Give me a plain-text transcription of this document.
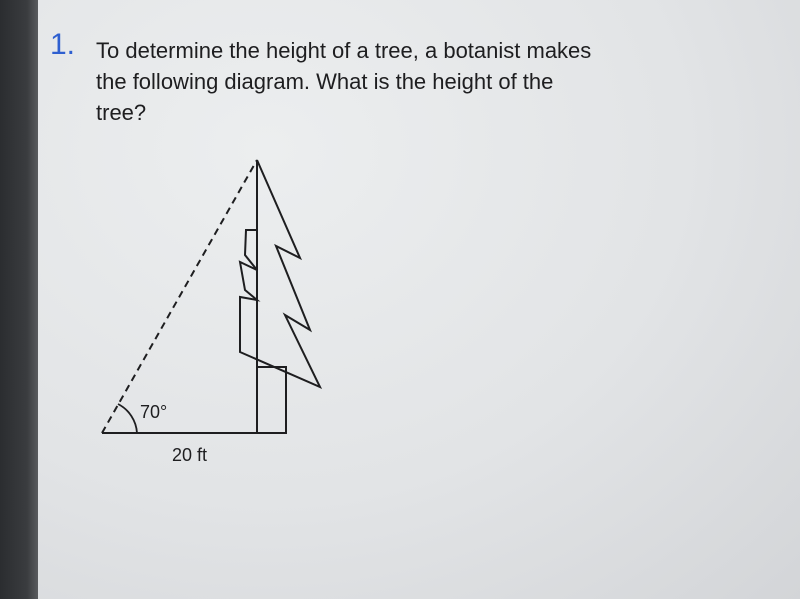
1. To determine the height of a tree, a botanist makes the following diagram. What is the height of the tree?
70°
20 ft
